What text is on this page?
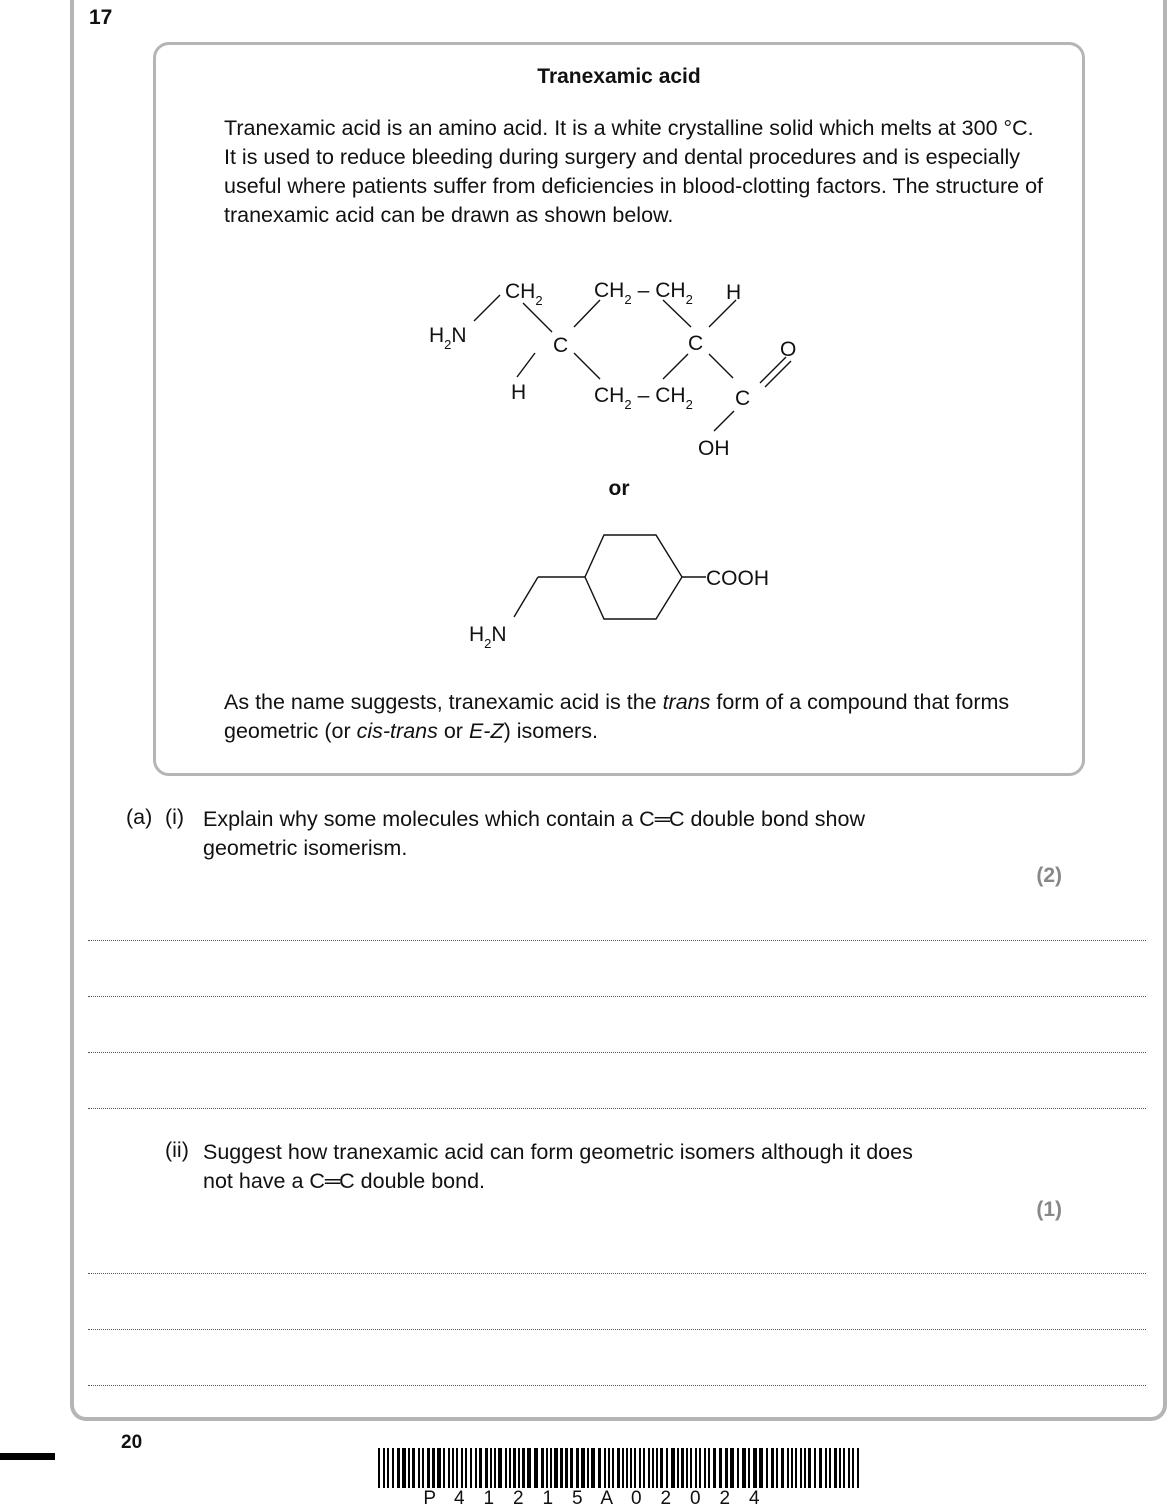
17
Tranexamic acid

Tranexamic acid is an amino acid. It is a white crystalline solid which melts at 300 °C. It is used to reduce bleeding during surgery and dental procedures and is especially useful where patients suffer from deficiencies in blood-clotting factors. The structure of tranexamic acid can be drawn as shown below.

$H_2N$
$CH_2$ $CH_2 - CH_2$ H
C	C	O
H	$CH_2 - CH_2$ C
OH
or
COOH
$H_2N$

As the name suggests, tranexamic acid is the trans form of a compound that forms geometric (or cis-trans or E-Z) isomers.

(a) (i) Explain why some molecules which contain a C═C double bond show
geometric isomerism.

(2)
(ii) Suggest how tranexamic acid can form geometric isomers although it does
not have a C═C double bond.

(1)
20
P 4 1 2 1 5 A 0 2 0 2 4
